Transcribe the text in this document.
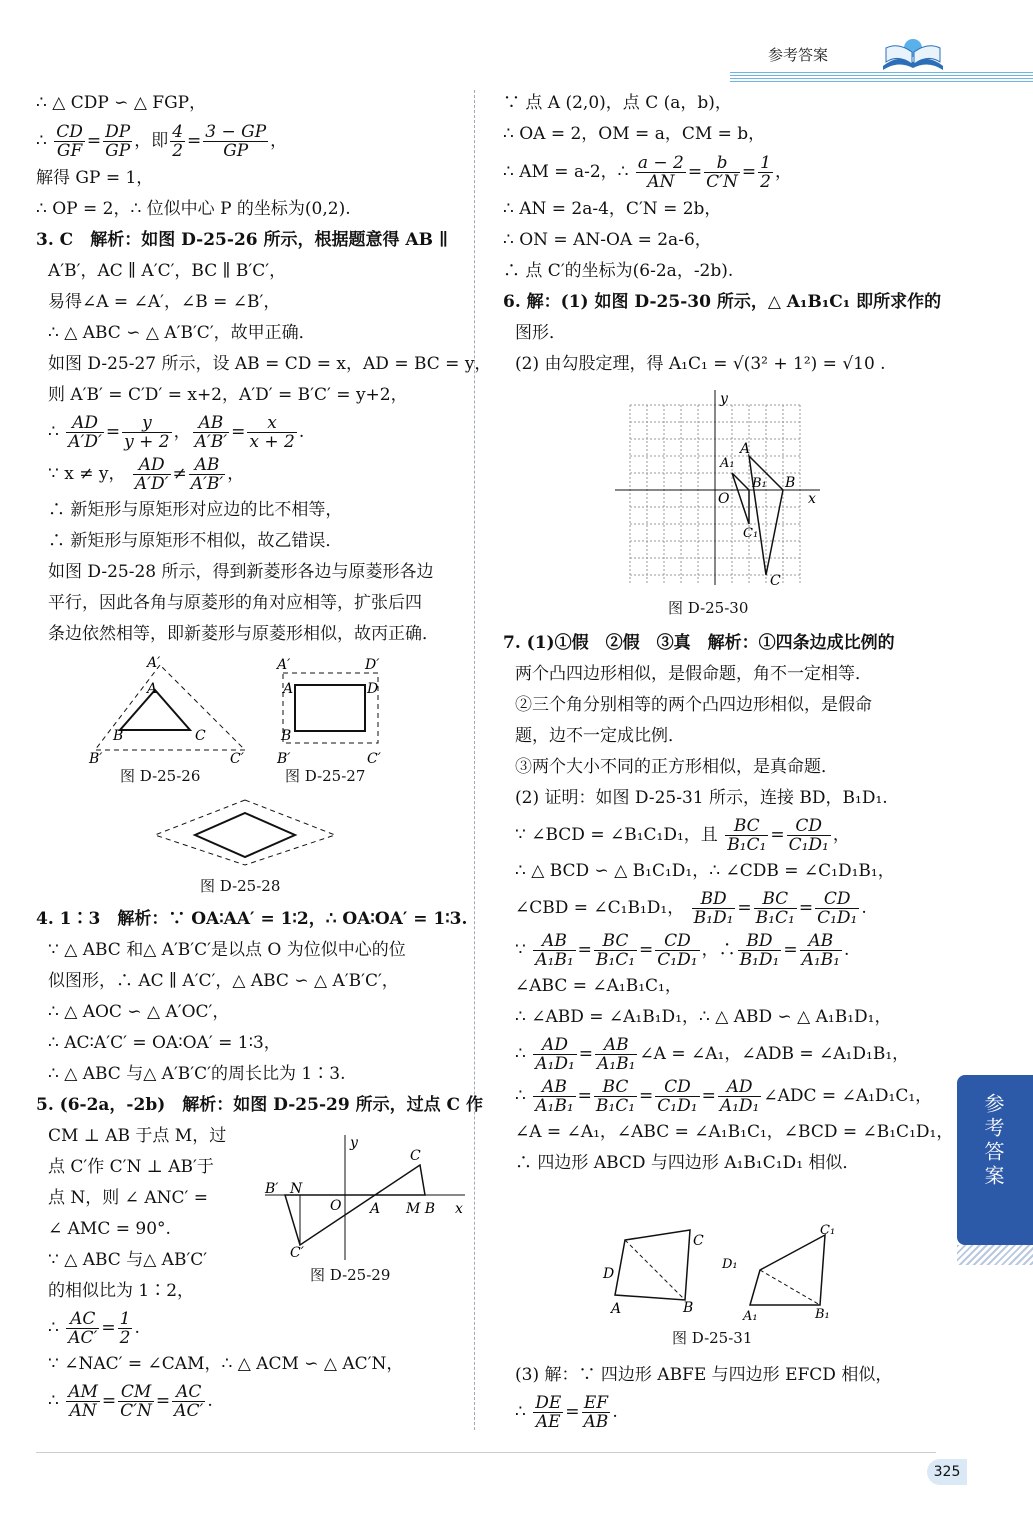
参考答案
∴ △ CDP ∽ △ FGP，
∴ $\frac{CD}{GF} = \frac{DP}{GP}$ ，即 $\frac{4}{2} = \frac{3 - GP}{GP}$ ，
解得 GP = 1，
∴ OP = 2，∴ 位似中心 P 的坐标为(0,2).
3. C　解析：如图 D-25-26 所示，根据题意得 AB ∥
A′B′，AC ∥ A′C′，BC ∥ B′C′，
易得∠A = ∠A′，∠B = ∠B′，
∴ △ ABC ∽ △ A′B′C′，故甲正确．
如图 D-25-27 所示，设 AB = CD = x，AD = BC = y，
则 A′B′ = C′D′ = x+2，A′D′ = B′C′ = y+2，
∴ $\frac{AD}{A'D'} = \frac{y}{y + 2}$ ， $\frac{AB}{A'B'} = \frac{x}{x + 2}$ .
∵ x ≠ y， $\frac{AD}{A'D'} \ne \frac{AB}{A'B'}$ ，
∴ 新矩形与原矩形对应边的比不相等，
∴ 新矩形与原矩形不相似，故乙错误．
如图 D-25-28 所示，得到新菱形各边与原菱形各边
平行，因此各角与原菱形的角对应相等，扩张后四
条边依然相等，即新菱形与原菱形相似，故丙正确．
A′
A
B	C
B′	C′
图 D-25-26
A′	D′
A	D
B
B′	C′
图 D-25-27
图 D-25-28
4. 1∶3　解析：∵ OA∶AA′ = 1∶2，∴ OA∶OA′ = 1∶3.
∵ △ ABC 和△ A′B′C′是以点 O 为位似中心的位
似图形，∴ AC ∥ A′C′，△ ABC ∽ △ A′B′C′，
∴ △ AOC ∽ △ A′OC′，
∴ AC∶A′C′ = OA∶OA′ = 1∶3，
∴ △ ABC 与△ A′B′C′的周长比为 1∶3.
5. (6-2a，-2b)　解析：如图 D-25-29 所示，过点 C 作
CM ⊥ AB 于点 M，过
点 C′作 C′N ⊥ AB′于
点 N，则 ∠ ANC′ =
∠ AMC = 90°.
∵ △ ABC 与△ AB′C′
的相似比为 1∶2，
∴ $\frac{AC}{AC'} = \frac{1}{2}$ .
∵ ∠NAC′ = ∠CAM，∴ △ ACM ∽ △ AC′N，
∴ $\frac{AM}{AN} = \frac{CM}{C'N} = \frac{AC}{AC'}$ .
O A
C
M B x
y
B′ N
C′
图 D-25-29
∵ 点 A (2,0)，点 C (a，b)，
∴ OA = 2，OM = a，CM = b，
∴ AM = a-2，∴ $\frac{a - 2}{AN} = \frac{b}{C'N} = \frac{1}{2}$ ，
∴ AN = 2a-4，C′N = 2b，
∴ ON = AN-OA = 2a-6，
∴ 点 C′的坐标为(6-2a，-2b).
6. 解：(1) 如图 D-25-30 所示，△ A₁B₁C₁ 即所求作的
图形．
(2) 由勾股定理，得 A₁C₁ = √(3² + 1²) = √10 .
A
A₁
B
B₁
C₁
C
y
x
O
图 D-25-30
7. (1)①假　②假　③真　解析：①四条边成比例的
两个凸四边形相似，是假命题，角不一定相等．
②三个角分别相等的两个凸四边形相似，是假命
题，边不一定成比例．
③两个大小不同的正方形相似，是真命题．
(2) 证明：如图 D-25-31 所示，连接 BD，B₁D₁.
∵ ∠BCD = ∠B₁C₁D₁，且 $\frac{BC}{\text{B₁C₁}} = \frac{CD}{\text{C₁D₁}}$ ，
∴ △ BCD ∽ △ B₁C₁D₁，∴ ∠CDB = ∠C₁D₁B₁，
∠CBD = ∠C₁B₁D₁， $\frac{BD}{\text{B₁D₁}} = \frac{BC}{\text{B₁C₁}} = \frac{CD}{\text{C₁D₁}}$ .
∵ $\frac{AB}{\text{A₁B₁}} = \frac{BC}{\text{B₁C₁}} = \frac{CD}{\text{C₁D₁}}$ ，∴ $\frac{BD}{\text{B₁D₁}} = \frac{AB}{\text{A₁B₁}}$ .
∠ABC = ∠A₁B₁C₁，
∴ ∠ABD = ∠A₁B₁D₁，∴ △ ABD ∽ △ A₁B₁D₁，
∴ $\frac{AD}{\text{A₁D₁}} = \frac{AB}{\text{A₁B₁}}$ ∠A = ∠A₁，∠ADB = ∠A₁D₁B₁，
∴ $\frac{AB}{\text{A₁B₁}} = \frac{BC}{\text{B₁C₁}} = \frac{CD}{\text{C₁D₁}} = \frac{AD}{\text{A₁D₁}}$ ∠ADC = ∠A₁D₁C₁，
∠A = ∠A₁，∠ABC = ∠A₁B₁C₁，∠BCD = ∠B₁C₁D₁，
∴ 四边形 ABCD 与四边形 A₁B₁C₁D₁ 相似．
D
C
A	B
D₁
C₁
A₁	B₁
图 D-25-31
(3) 解：∵ 四边形 ABFE 与四边形 EFCD 相似，
∴ $\frac{DE}{AE} = \frac{EF}{AB}$ .
参考答案
325
